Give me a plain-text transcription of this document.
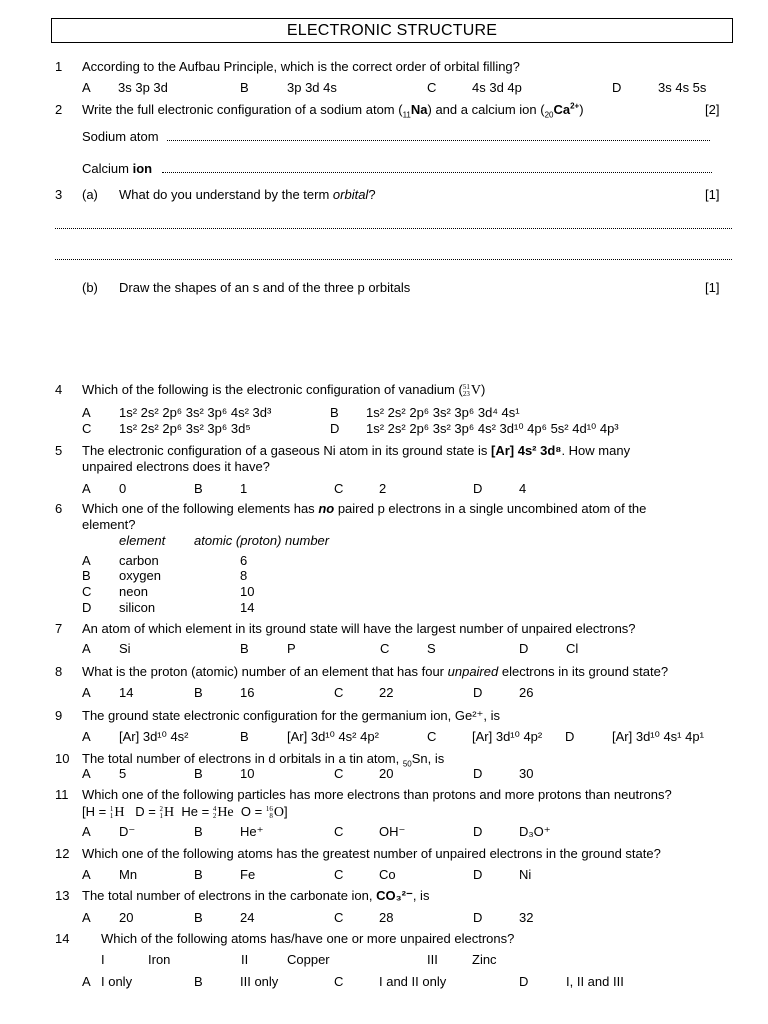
ELECTRONIC STRUCTURE
1 According to the Aufbau Principle, which is the correct order of orbital filling?
A 3s 3p 3d	B	3p 3d 4s	C	4s 3d 4p	D	3s 4s 5s
2 Write the full electronic configuration of a sodium atom $(_{11}Na)$ and a calcium ion $(_{20}Ca^{2+})$	[2]
Sodium atom
Calcium ion
3 (a) What do you understand by the term orbital?	[1]
(b) Draw the shapes of an s and of the three p orbitals	[1]
4 Which of the following is the electronic configuration of vanadium (51
23V)
A 1s² 2s² 2p⁶ 3s² 3p⁶ 4s² 3d³	B 1s² 2s² 2p⁶ 3s² 3p⁶ 3d⁴ 4s¹
C 1s² 2s² 2p⁶ 3s² 3p⁶ 3d⁵	D 1s² 2s² 2p⁶ 3s² 3p⁶ 4s² 3d¹⁰ 4p⁶ 5s² 4d¹⁰ 4p³
5 The electronic configuration of a gaseous Ni atom in its ground state is [Ar] 4s² 3d⁸. How many
unpaired electrons does it have?
A 0	B	1	C	2	D	4
6 Which one of the following elements has no paired p electrons in a single uncombined atom of the
element?
element atomic (proton) number
A carbon	6
B oxygen	8
C neon	10
D silicon	14
7 An atom of which element in its ground state will have the largest number of unpaired electrons?
A Si	B	P	C	S	D	Cl
8 What is the proton (atomic) number of an element that has four unpaired electrons in its ground state?
A 14	B	16	C	22	D	26
9 The ground state electronic configuration for the germanium ion, Ge²⁺, is
A [Ar] 3d¹⁰ 4s²	B	[Ar] 3d¹⁰ 4s² 4p²	C	[Ar] 3d¹⁰ 4p² D	[Ar] 3d¹⁰ 4s¹ 4p¹
10 The total number of electrons in d orbitals in a tin atom, $_{50}$Sn, is
A 5	B	10	C	20	D	30
11 Which one of the following particles has more electrons than protons and more protons than neutrons?
[H = 1
1H D = 2
1H He = 4
2He O = 16
8O]
A D⁻	B	He⁺	C	OH⁻	D	D₃O⁺
12 Which one of the following atoms has the greatest number of unpaired electrons in the ground state?
A Mn	B	Fe	C	Co	D	Ni
13 The total number of electrons in the carbonate ion, CO₃²⁻, is
A 20	B	24	C	28	D	32
14 Which of the following atoms has/have one or more unpaired electrons?
I	Iron	II	Copper	III	Zinc
A I only	B	III only	C	I and II only	D	I, II and III
